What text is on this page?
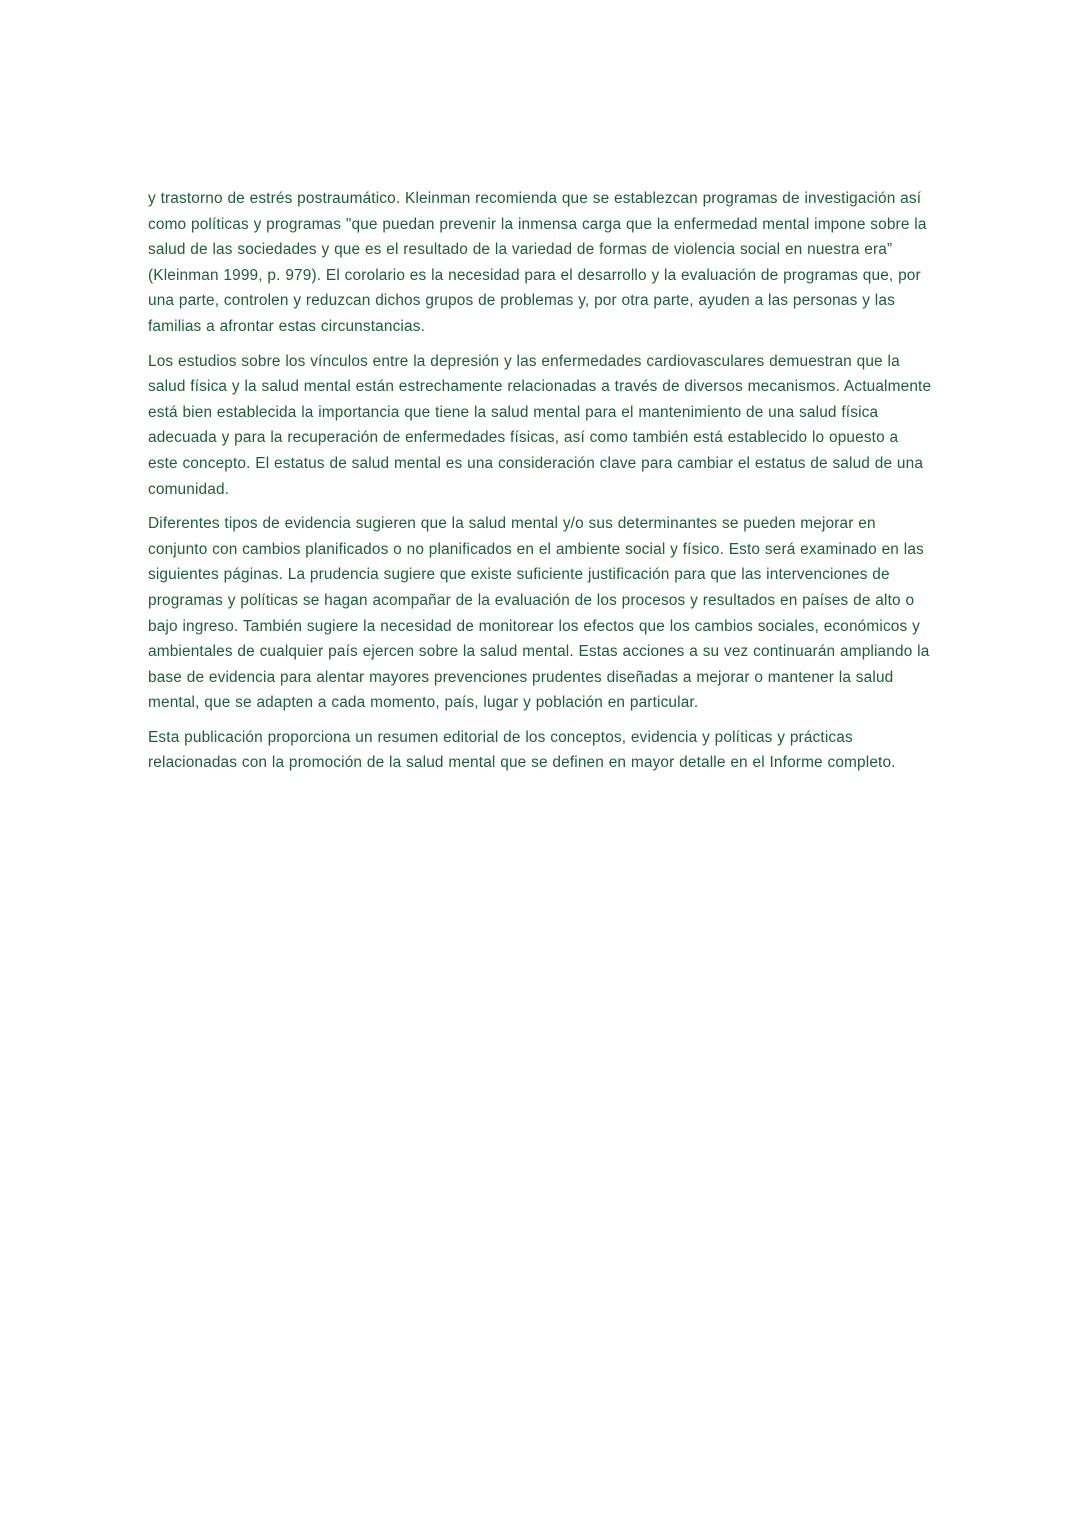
y trastorno de estrés postraumático. Kleinman recomienda que se establezcan programas de investigación así como políticas y programas "que puedan prevenir la inmensa carga que la enfermedad mental impone sobre la salud de las sociedades y que es el resultado de la variedad de formas de violencia social en nuestra era” (Kleinman 1999, p. 979). El corolario es la necesidad para el desarrollo y la evaluación de programas que, por una parte, controlen y reduzcan dichos grupos de problemas y, por otra parte, ayuden a las personas y las familias a afrontar estas circunstancias.

Los estudios sobre los vínculos entre la depresión y las enfermedades cardiovasculares demuestran que la salud física y la salud mental están estrechamente relacionadas a través de diversos mecanismos. Actualmente está bien establecida la importancia que tiene la salud mental para el mantenimiento de una salud física adecuada y para la recuperación de enfermedades físicas, así como también está establecido lo opuesto a este concepto. El estatus de salud mental es una consideración clave para cambiar el estatus de salud de una comunidad.

Diferentes tipos de evidencia sugieren que la salud mental y/o sus determinantes se pueden mejorar en conjunto con cambios planificados o no planificados en el ambiente social y físico. Esto será examinado en las siguientes páginas. La prudencia sugiere que existe suficiente justificación para que las intervenciones de programas y políticas se hagan acompañar de la evaluación de los procesos y resultados en países de alto o bajo ingreso. También sugiere la necesidad de monitorear los efectos que los cambios sociales, económicos y ambientales de cualquier país ejercen sobre la salud mental. Estas acciones a su vez continuarán ampliando la base de evidencia para alentar mayores prevenciones prudentes diseñadas a mejorar o mantener la salud mental, que se adapten a cada momento, país, lugar y población en particular.

Esta publicación proporciona un resumen editorial de los conceptos, evidencia y políticas y prácticas relacionadas con la promoción de la salud mental que se definen en mayor detalle en el Informe completo.
